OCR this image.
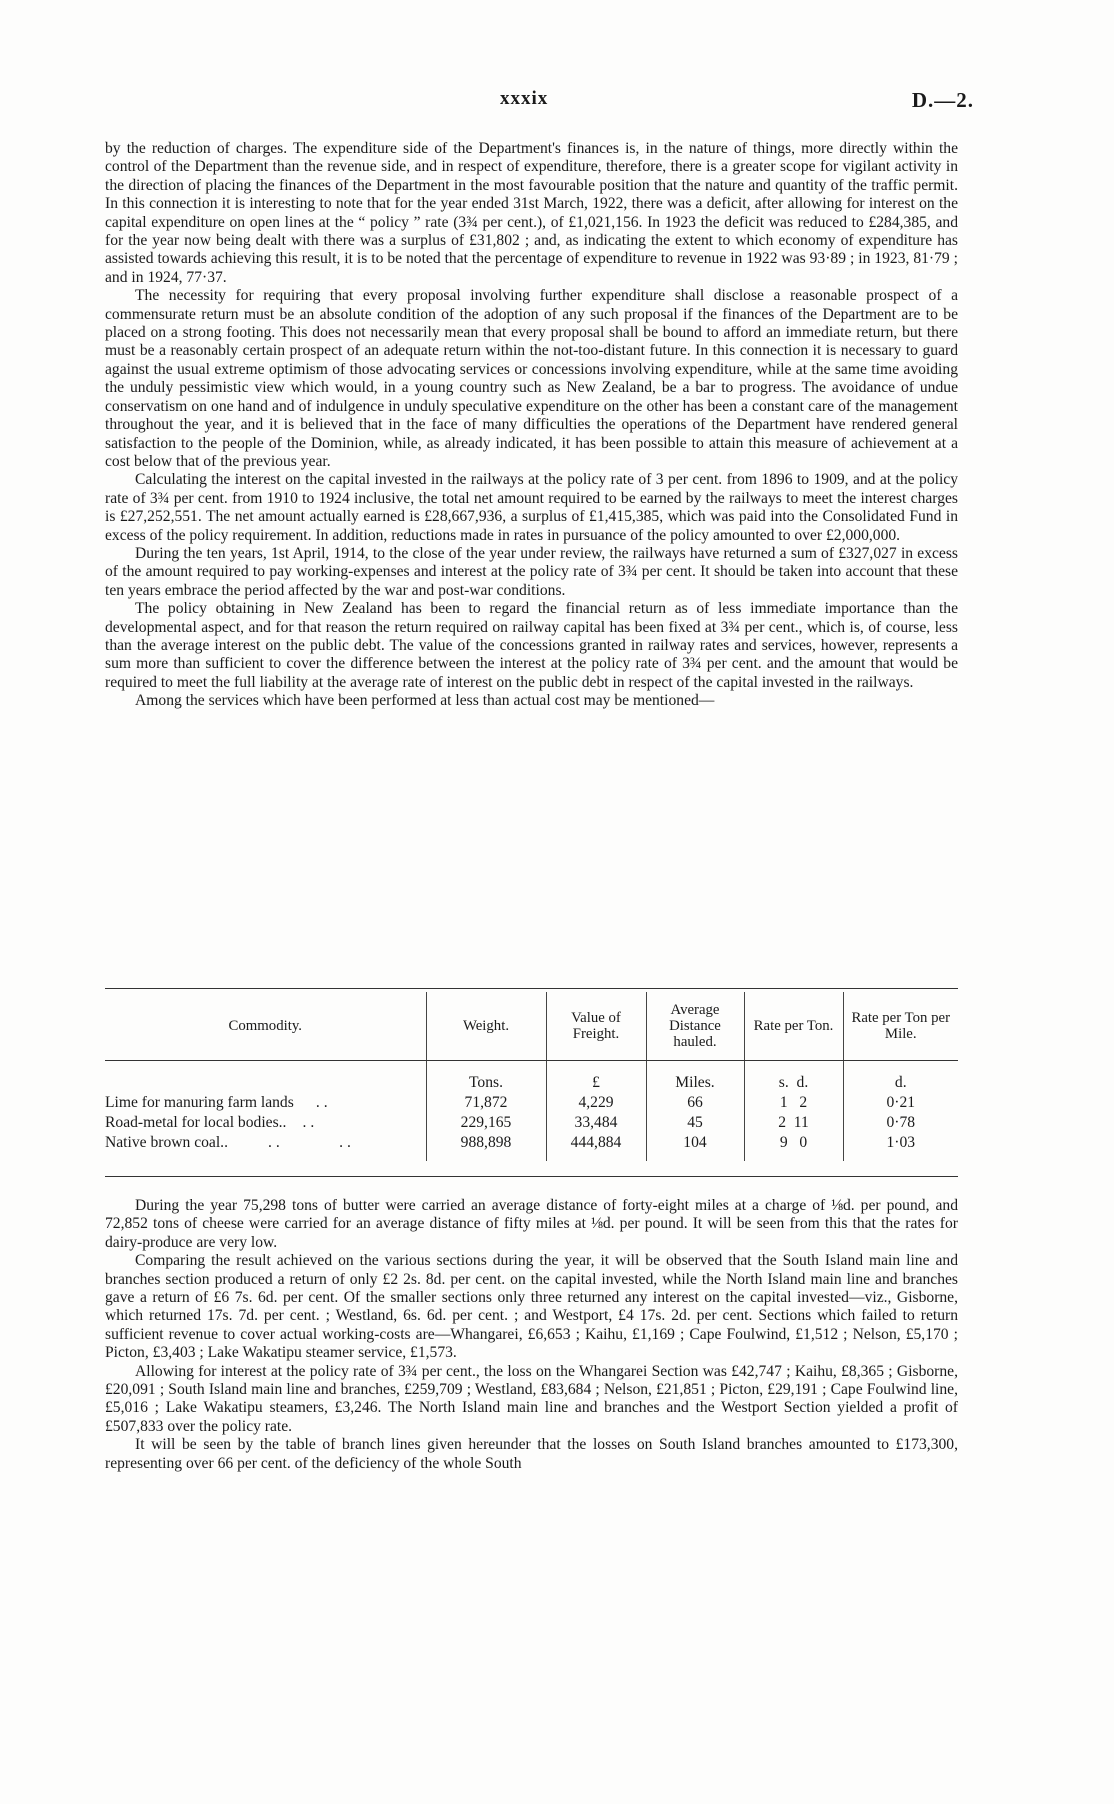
xxxix	D.—2.

by the reduction of charges. The expenditure side of the Department's finances is, in the nature of things, more directly within the control of the Department than the revenue side, and in respect of expenditure, therefore, there is a greater scope for vigilant activity in the direction of placing the finances of the Department in the most favourable position that the nature and quantity of the traffic permit. In this connection it is interesting to note that for the year ended 31st March, 1922, there was a deficit, after allowing for interest on the capital expenditure on open lines at the “ policy ” rate (3¾ per cent.), of £1,021,156. In 1923 the deficit was reduced to £284,385, and for the year now being dealt with there was a surplus of £31,802 ; and, as indicating the extent to which economy of expenditure has assisted towards achieving this result, it is to be noted that the percentage of expenditure to revenue in 1922 was 93·89 ; in 1923, 81·79 ; and in 1924, 77·37.

The necessity for requiring that every proposal involving further expenditure shall disclose a reasonable prospect of a commensurate return must be an absolute condition of the adoption of any such proposal if the finances of the Department are to be placed on a strong footing. This does not necessarily mean that every proposal shall be bound to afford an immediate return, but there must be a reasonably certain prospect of an adequate return within the not-too-distant future. In this connection it is necessary to guard against the usual extreme optimism of those advocating services or concessions involving expenditure, while at the same time avoiding the unduly pessimistic view which would, in a young country such as New Zealand, be a bar to progress. The avoidance of undue conservatism on one hand and of indulgence in unduly speculative expenditure on the other has been a constant care of the management throughout the year, and it is believed that in the face of many difficulties the operations of the Department have rendered general satisfaction to the people of the Dominion, while, as already indicated, it has been possible to attain this measure of achievement at a cost below that of the previous year.

Calculating the interest on the capital invested in the railways at the policy rate of 3 per cent. from 1896 to 1909, and at the policy rate of 3¾ per cent. from 1910 to 1924 inclusive, the total net amount required to be earned by the railways to meet the interest charges is £27,252,551. The net amount actually earned is £28,667,936, a surplus of £1,415,385, which was paid into the Consolidated Fund in excess of the policy requirement. In addition, reductions made in rates in pursuance of the policy amounted to over £2,000,000.

During the ten years, 1st April, 1914, to the close of the year under review, the railways have returned a sum of £327,027 in excess of the amount required to pay working-expenses and interest at the policy rate of 3¾ per cent. It should be taken into account that these ten years embrace the period affected by the war and post-war conditions.

The policy obtaining in New Zealand has been to regard the financial return as of less immediate importance than the developmental aspect, and for that reason the return required on railway capital has been fixed at 3¾ per cent., which is, of course, less than the average interest on the public debt. The value of the concessions granted in railway rates and services, however, represents a sum more than sufficient to cover the difference between the interest at the policy rate of 3¾ per cent. and the amount that would be required to meet the full liability at the average rate of interest on the public debt in respect of the capital invested in the railways.

Among the services which have been performed at less than actual cost may be mentioned—

Commodity.	Weight.	Value of Freight.	Average Distance hauled.	Rate per Ton.	Rate per Ton per Mile.
	Tons.	£	Miles.	s.  d.	d.
Lime for manuring farm lands ..	71,872	4,229	66	1   2	0·21
Road-metal for local bodies.. ..	229,165	33,484	45	2  11	0·78
Native brown coal.. ..       ..	988,898	444,884	104	9   0	1·03

During the year 75,298 tons of butter were carried an average distance of forty-eight miles at a charge of ⅛d. per pound, and 72,852 tons of cheese were carried for an average distance of fifty miles at ⅛d. per pound. It will be seen from this that the rates for dairy-produce are very low.

Comparing the result achieved on the various sections during the year, it will be observed that the South Island main line and branches section produced a return of only £2 2s. 8d. per cent. on the capital invested, while the North Island main line and branches gave a return of £6 7s. 6d. per cent. Of the smaller sections only three returned any interest on the capital invested—viz., Gisborne, which returned 17s. 7d. per cent. ; Westland, 6s. 6d. per cent. ; and Westport, £4 17s. 2d. per cent. Sections which failed to return sufficient revenue to cover actual working-costs are—Whangarei, £6,653 ; Kaihu, £1,169 ; Cape Foulwind, £1,512 ; Nelson, £5,170 ; Picton, £3,403 ; Lake Wakatipu steamer service, £1,573.

Allowing for interest at the policy rate of 3¾ per cent., the loss on the Whangarei Section was £42,747 ; Kaihu, £8,365 ; Gisborne, £20,091 ; South Island main line and branches, £259,709 ; Westland, £83,684 ; Nelson, £21,851 ; Picton, £29,191 ; Cape Foulwind line, £5,016 ; Lake Wakatipu steamers, £3,246. The North Island main line and branches and the Westport Section yielded a profit of £507,833 over the policy rate.

It will be seen by the table of branch lines given hereunder that the losses on South Island branches amounted to £173,300, representing over 66 per cent. of the deficiency of the whole South
